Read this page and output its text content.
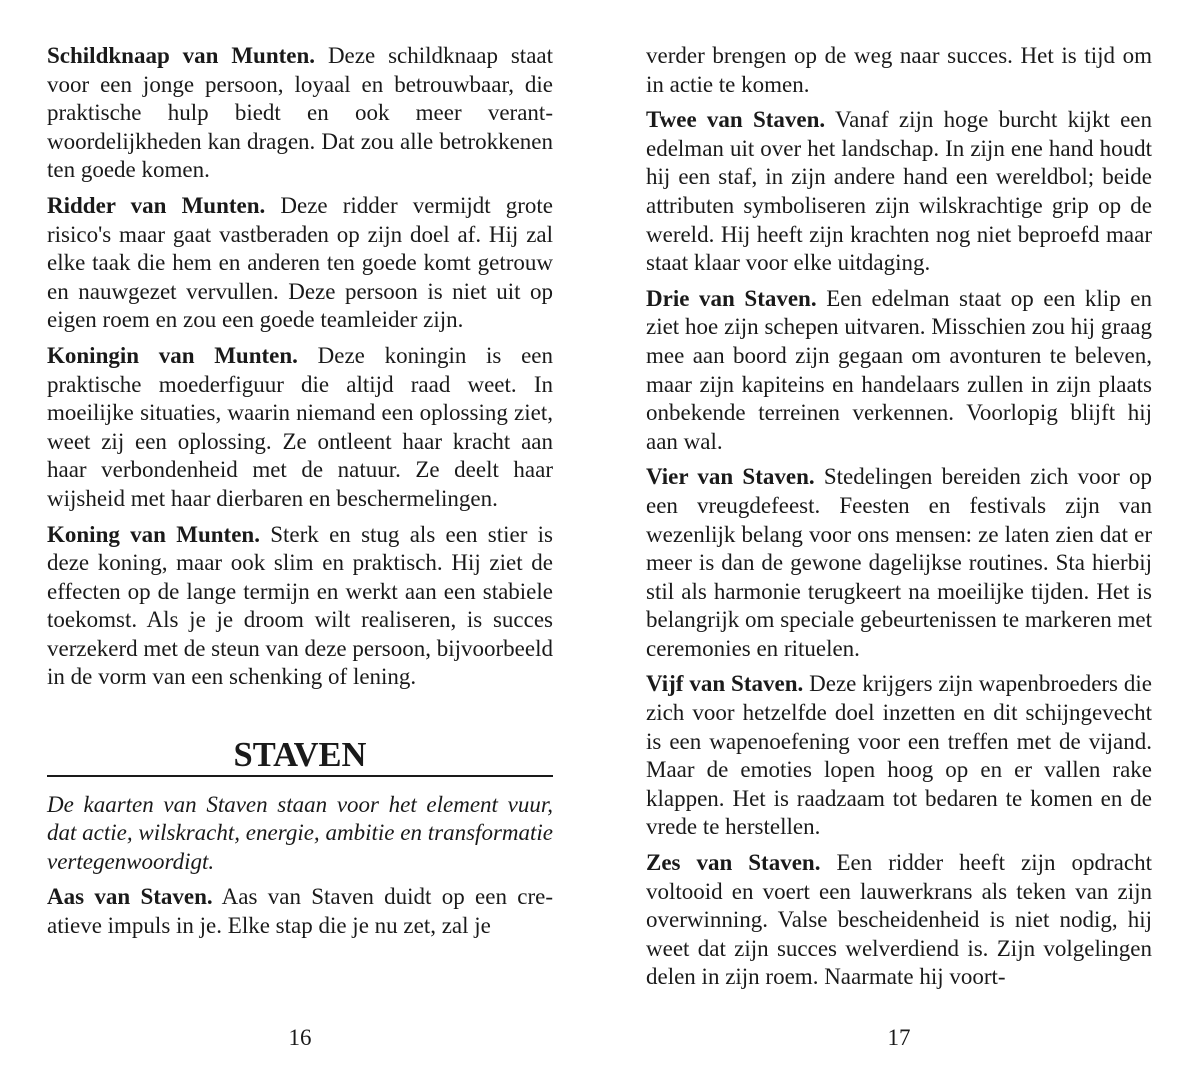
Schildknaap van Munten. Deze schildknaap staat voor een jonge persoon, loyaal en betrouwbaar, die praktische hulp biedt en ook meer verantwoordelijkheden kan dragen. Dat zou alle betrokkenen ten goede komen.

Ridder van Munten. Deze ridder vermijdt grote risico's maar gaat vastberaden op zijn doel af. Hij zal elke taak die hem en anderen ten goede komt getrouw en nauwgezet vervullen. Deze persoon is niet uit op eigen roem en zou een goede teamleider zijn.

Koningin van Munten. Deze koningin is een praktische moederfiguur die altijd raad weet. In moeilijke situaties, waarin niemand een oplossing ziet, weet zij een oplossing. Ze ontleent haar kracht aan haar verbondenheid met de natuur. Ze deelt haar wijsheid met haar dierbaren en beschermelingen.

Koning van Munten. Sterk en stug als een stier is deze koning, maar ook slim en praktisch. Hij ziet de effecten op de lange termijn en werkt aan een stabiele toekomst. Als je je droom wilt realiseren, is succes verzekerd met de steun van deze persoon, bijvoorbeeld in de vorm van een schenking of lening.

STAVEN

De kaarten van Staven staan voor het element vuur, dat actie, wilskracht, energie, ambitie en transformatie vertegenwoordigt.

Aas van Staven. Aas van Staven duidt op een creatieve impuls in je. Elke stap die je nu zet, zal je

16

verder brengen op de weg naar succes. Het is tijd om in actie te komen.

Twee van Staven. Vanaf zijn hoge burcht kijkt een edelman uit over het landschap. In zijn ene hand houdt hij een staf, in zijn andere hand een wereldbol; beide attributen symboliseren zijn wilskrachtige grip op de wereld. Hij heeft zijn krachten nog niet beproefd maar staat klaar voor elke uitdaging.

Drie van Staven. Een edelman staat op een klip en ziet hoe zijn schepen uitvaren. Misschien zou hij graag mee aan boord zijn gegaan om avonturen te beleven, maar zijn kapiteins en handelaars zullen in zijn plaats onbekende terreinen verkennen. Voorlopig blijft hij aan wal.

Vier van Staven. Stedelingen bereiden zich voor op een vreugdefeest. Feesten en festivals zijn van wezenlijk belang voor ons mensen: ze laten zien dat er meer is dan de gewone dagelijkse routines. Sta hierbij stil als harmonie terugkeert na moeilijke tijden. Het is belangrijk om speciale gebeurtenissen te markeren met ceremonies en rituelen.

Vijf van Staven. Deze krijgers zijn wapenbroeders die zich voor hetzelfde doel inzetten en dit schijngevecht is een wapenoefening voor een treffen met de vijand. Maar de emoties lopen hoog op en er vallen rake klappen. Het is raadzaam tot bedaren te komen en de vrede te herstellen.

Zes van Staven. Een ridder heeft zijn opdracht voltooid en voert een lauwerkrans als teken van zijn overwinning. Valse bescheidenheid is niet nodig, hij weet dat zijn succes welverdiend is. Zijn volgelingen delen in zijn roem. Naarmate hij voort-

17
